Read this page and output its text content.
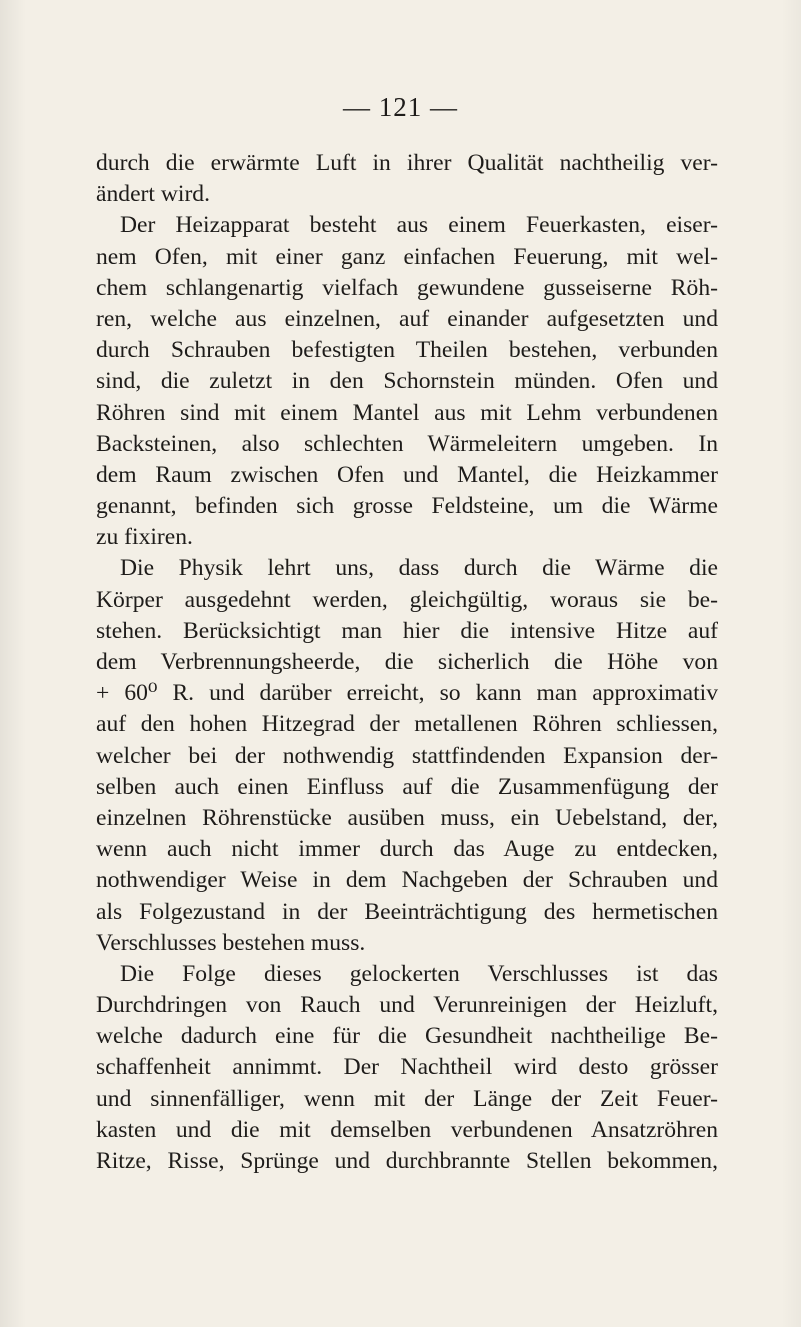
— 121 —
durch die erwärmte Luft in ihrer Qualität nachtheilig ver-
ändert wird.
Der Heizapparat besteht aus einem Feuerkasten, eiser-
nem Ofen, mit einer ganz einfachen Feuerung, mit wel-
chem schlangenartig vielfach gewundene gusseiserne Röh-
ren, welche aus einzelnen, auf einander aufgesetzten und
durch Schrauben befestigten Theilen bestehen, verbunden
sind, die zuletzt in den Schornstein münden. Ofen und
Röhren sind mit einem Mantel aus mit Lehm verbundenen
Backsteinen, also schlechten Wärmeleitern umgeben. In
dem Raum zwischen Ofen und Mantel, die Heizkammer
genannt, befinden sich grosse Feldsteine, um die Wärme
zu fixiren.
Die Physik lehrt uns, dass durch die Wärme die
Körper ausgedehnt werden, gleichgültig, woraus sie be-
stehen. Berücksichtigt man hier die intensive Hitze auf
dem Verbrennungsheerde, die sicherlich die Höhe von
+ 60⁰ R. und darüber erreicht, so kann man approximativ
auf den hohen Hitzegrad der metallenen Röhren schliessen,
welcher bei der nothwendig stattfindenden Expansion der-
selben auch einen Einfluss auf die Zusammenfügung der
einzelnen Röhrenstücke ausüben muss, ein Uebelstand, der,
wenn auch nicht immer durch das Auge zu entdecken,
nothwendiger Weise in dem Nachgeben der Schrauben und
als Folgezustand in der Beeinträchtigung des hermetischen
Verschlusses bestehen muss.
Die Folge dieses gelockerten Verschlusses ist das
Durchdringen von Rauch und Verunreinigen der Heizluft,
welche dadurch eine für die Gesundheit nachtheilige Be-
schaffenheit annimmt. Der Nachtheil wird desto grösser
und sinnenfälliger, wenn mit der Länge der Zeit Feuer-
kasten und die mit demselben verbundenen Ansatzröhren
Ritze, Risse, Sprünge und durchbrannte Stellen bekommen,
